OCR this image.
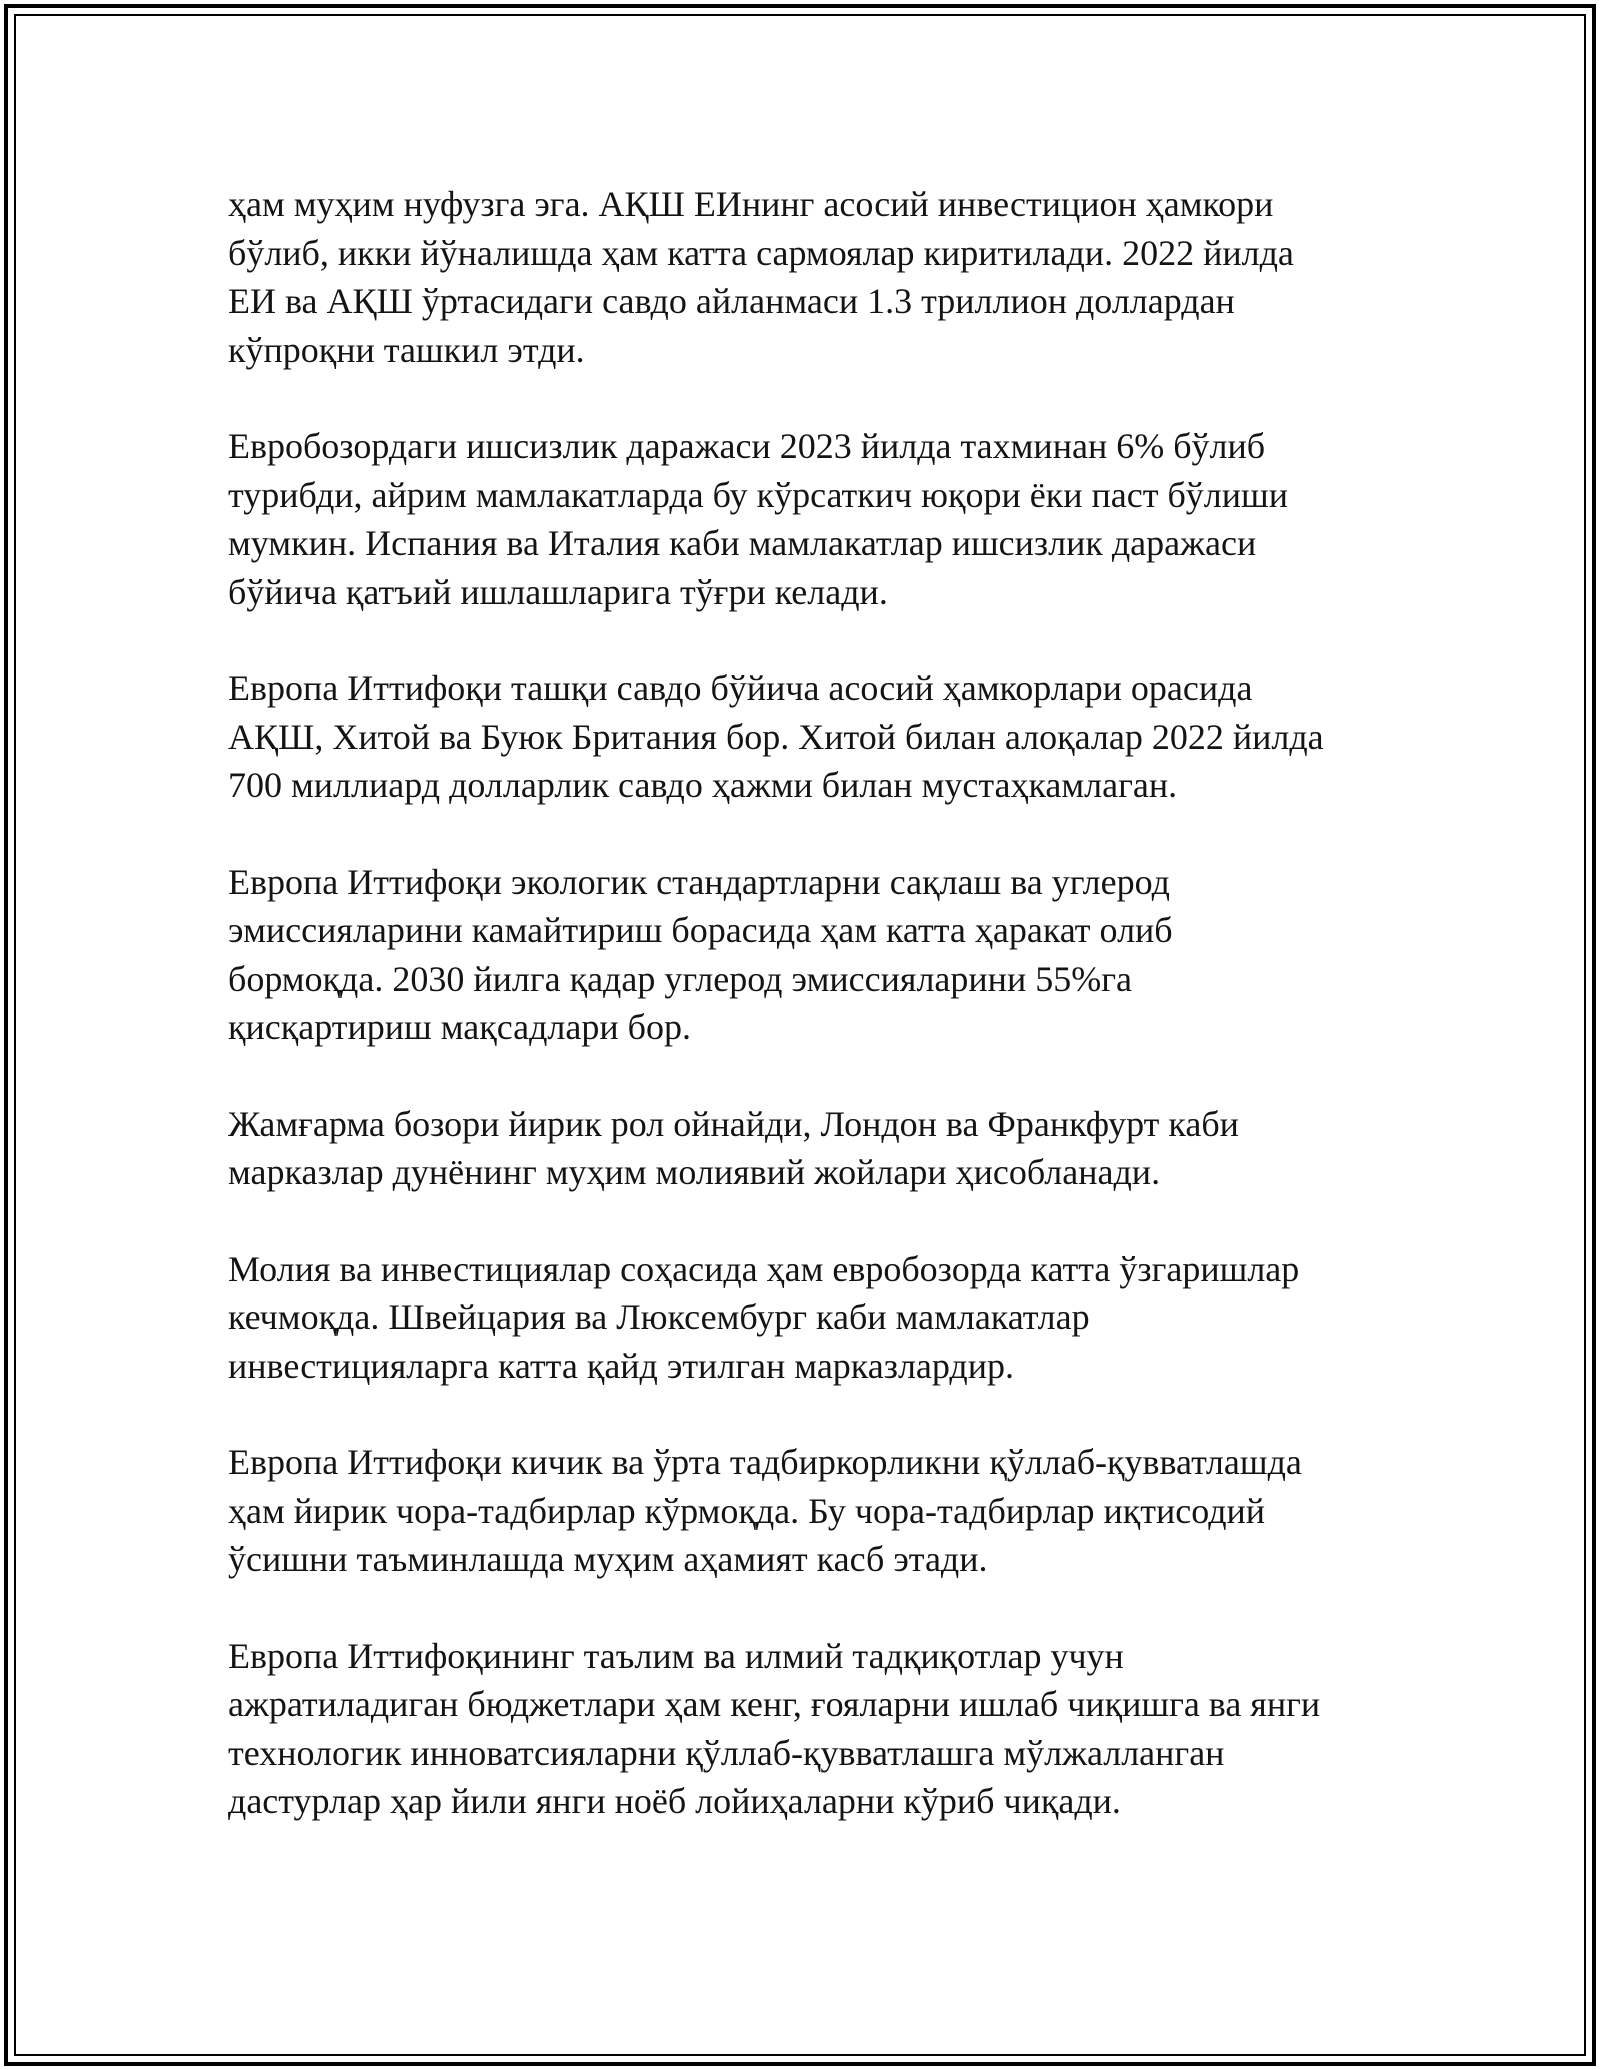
ҳам муҳим нуфузга эга. АҚШ ЕИнинг асосий инвестицион ҳамкори
бўлиб, икки йўналишда ҳам катта сармоялар киритилади. 2022 йилда
ЕИ ва АҚШ ўртасидаги савдо айланмаси 1.3 триллион доллардан
кўпроқни ташкил этди.
Евробозордаги ишсизлик даражаси 2023 йилда тахминан 6% бўлиб
турибди, айрим мамлакатларда бу кўрсаткич юқори ёки паст бўлиши
мумкин. Испания ва Италия каби мамлакатлар ишсизлик даражаси
бўйича қатъий ишлашларига тўғри келади.
Европа Иттифоқи ташқи савдо бўйича асосий ҳамкорлари орасида
АҚШ, Хитой ва Буюк Британия бор. Хитой билан алоқалар 2022 йилда
700 миллиард долларлик савдо ҳажми билан мустаҳкамлаган.
Европа Иттифоқи экологик стандартларни сақлаш ва углерод
эмиссияларини камайтириш борасида ҳам катта ҳаракат олиб
бормоқда. 2030 йилга қадар углерод эмиссияларини 55%га
қисқартириш мақсадлари бор.
Жамғарма бозори йирик рол ойнайди, Лондон ва Франкфурт каби
марказлар дунёнинг муҳим молиявий жойлари ҳисобланади.
Молия ва инвестициялар соҳасида ҳам евробозорда катта ўзгаришлар
кечмоқда. Швейцария ва Люксембург каби мамлакатлар
инвестицияларга катта қайд этилган марказлардир.
Европа Иттифоқи кичик ва ўрта тадбиркорликни қўллаб-қувватлашда
ҳам йирик чора-тадбирлар кўрмоқда. Бу чора-тадбирлар иқтисодий
ўсишни таъминлашда муҳим аҳамият касб этади.
Европа Иттифоқининг таълим ва илмий тадқиқотлар учун
ажратиладиган бюджетлари ҳам кенг, ғояларни ишлаб чиқишга ва янги
технологик инноватсияларни қўллаб-қувватлашга мўлжалланган
дастурлар ҳар йили янги ноёб лойиҳаларни кўриб чиқади.
